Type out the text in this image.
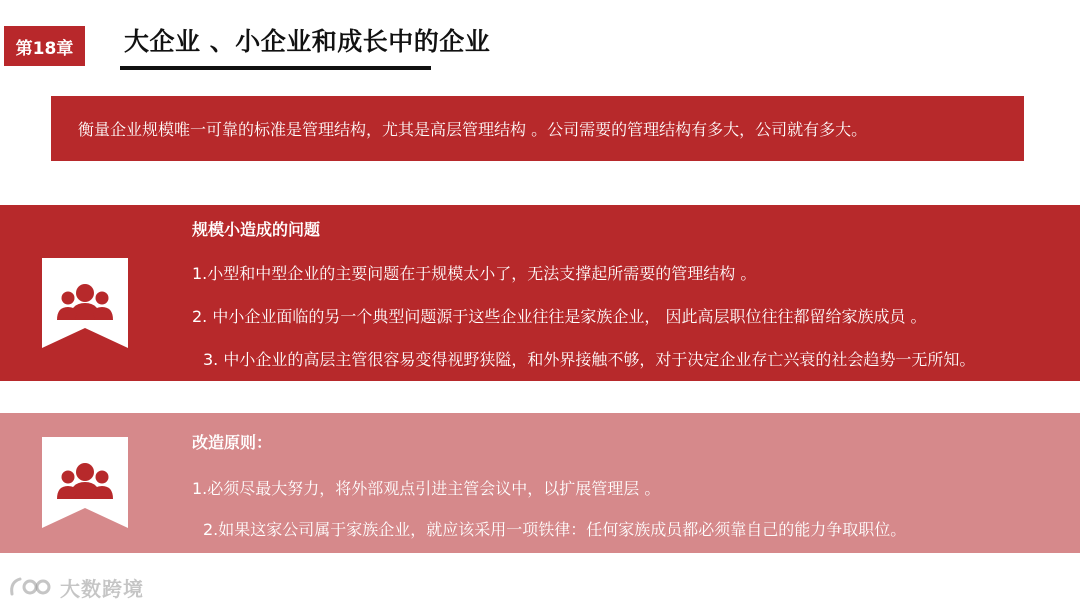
第18章	大企业 、小企业和成长中的企业
衡量企业规模唯一可靠的标准是管理结构，尤其是高层管理结构 。公司需要的管理结构有多大，公司就有多大。
规模小造成的问题
1.小型和中型企业的主要问题在于规模太小了，无法支撑起所需要的管理结构 。
2. 中小企业面临的另一个典型问题源于这些企业往往是家族企业， 因此高层职位往往都留给家族成员 。
3. 中小企业的高层主管很容易变得视野狭隘，和外界接触不够，对于决定企业存亡兴衰的社会趋势一无所知。
改造原则：
1.必须尽最大努力，将外部观点引进主管会议中，以扩展管理层 。
2.如果这家公司属于家族企业，就应该采用一项铁律：任何家族成员都必须靠自己的能力争取职位。
大数跨境
